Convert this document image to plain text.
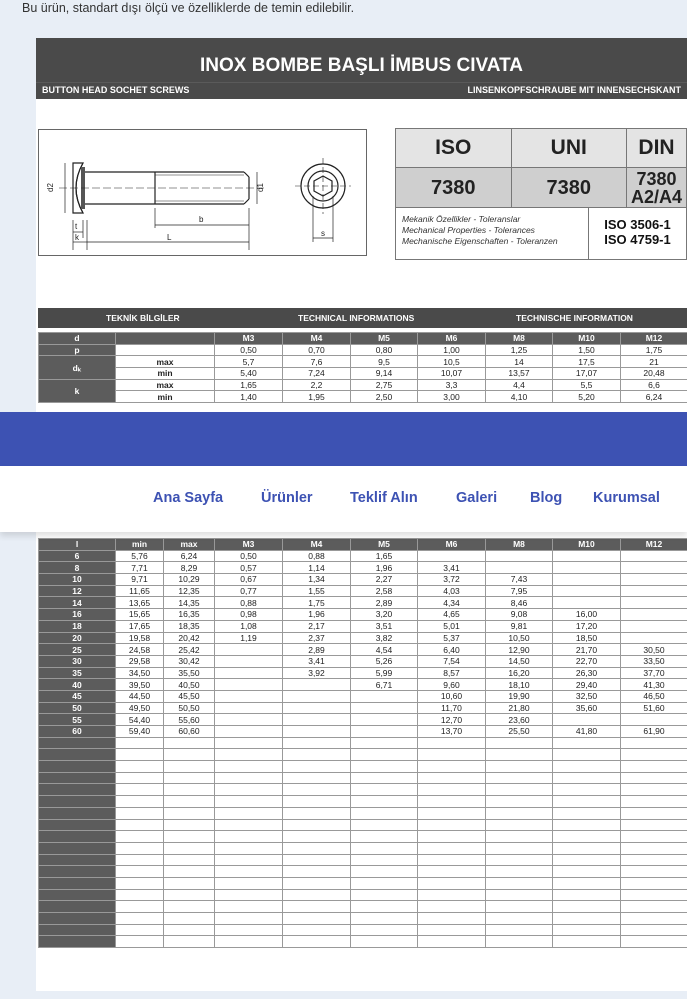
Bu ürün, standart dışı ölçü ve özelliklerde de temin edilebilir.
INOX BOMBE BAŞLI İMBUS CIVATA
BUTTON HEAD SOCHET SCREWS	LINSENKOPFSCHRAUBE MIT INNENSECHSKANT
d2	d1
t
k
b
L	s
ISO	UNI	DIN
7380	7380	7380 A2/A4
Mekanik Özellikler - Toleranslar
Mechanical Properties - Tolerances
Mechanische Eigenschaften - Toleranzen
ISO 3506-1
ISO 4759-1
TEKNİK BİLGİLER	TECHNICAL INFORMATIONS	TECHNISCHE INFORMATION
d		M3	M4	M5	M6	M8	M10	M12
p		0,50	0,70	0,80	1,00	1,25	1,50	1,75
dₖ	max	5,7	7,6	9,5	10,5	14	17,5	21
	min	5,40	7,24	9,14	10,07	13,57	17,07	20,48
k	max	1,65	2,2	2,75	3,3	4,4	5,5	6,6
	min	1,40	1,95	2,50	3,00	4,10	5,20	6,24
l	min	max	M3	M4	M5	M6	M8	M10	M12
6	5,76	6,24	0,50	0,88	1,65				
8	7,71	8,29	0,57	1,14	1,96	3,41			
10	9,71	10,29	0,67	1,34	2,27	3,72	7,43		
12	11,65	12,35	0,77	1,55	2,58	4,03	7,95		
14	13,65	14,35	0,88	1,75	2,89	4,34	8,46		
16	15,65	16,35	0,98	1,96	3,20	4,65	9,08	16,00	
18	17,65	18,35	1,08	2,17	3,51	5,01	9,81	17,20	
20	19,58	20,42	1,19	2,37	3,82	5,37	10,50	18,50	
25	24,58	25,42		2,89	4,54	6,40	12,90	21,70	30,50
30	29,58	30,42		3,41	5,26	7,54	14,50	22,70	33,50
35	34,50	35,50		3,92	5,99	8,57	16,20	26,30	37,70
40	39,50	40,50			6,71	9,60	18,10	29,40	41,30
45	44,50	45,50				10,60	19,90	32,50	46,50
50	49,50	50,50				11,70	21,80	35,60	51,60
55	54,40	55,60				12,70	23,60		
60	59,40	60,60				13,70	25,50	41,80	61,90

Ana Sayfa	Ürünler	Teklif Alın	Galeri Blog Kurumsal
